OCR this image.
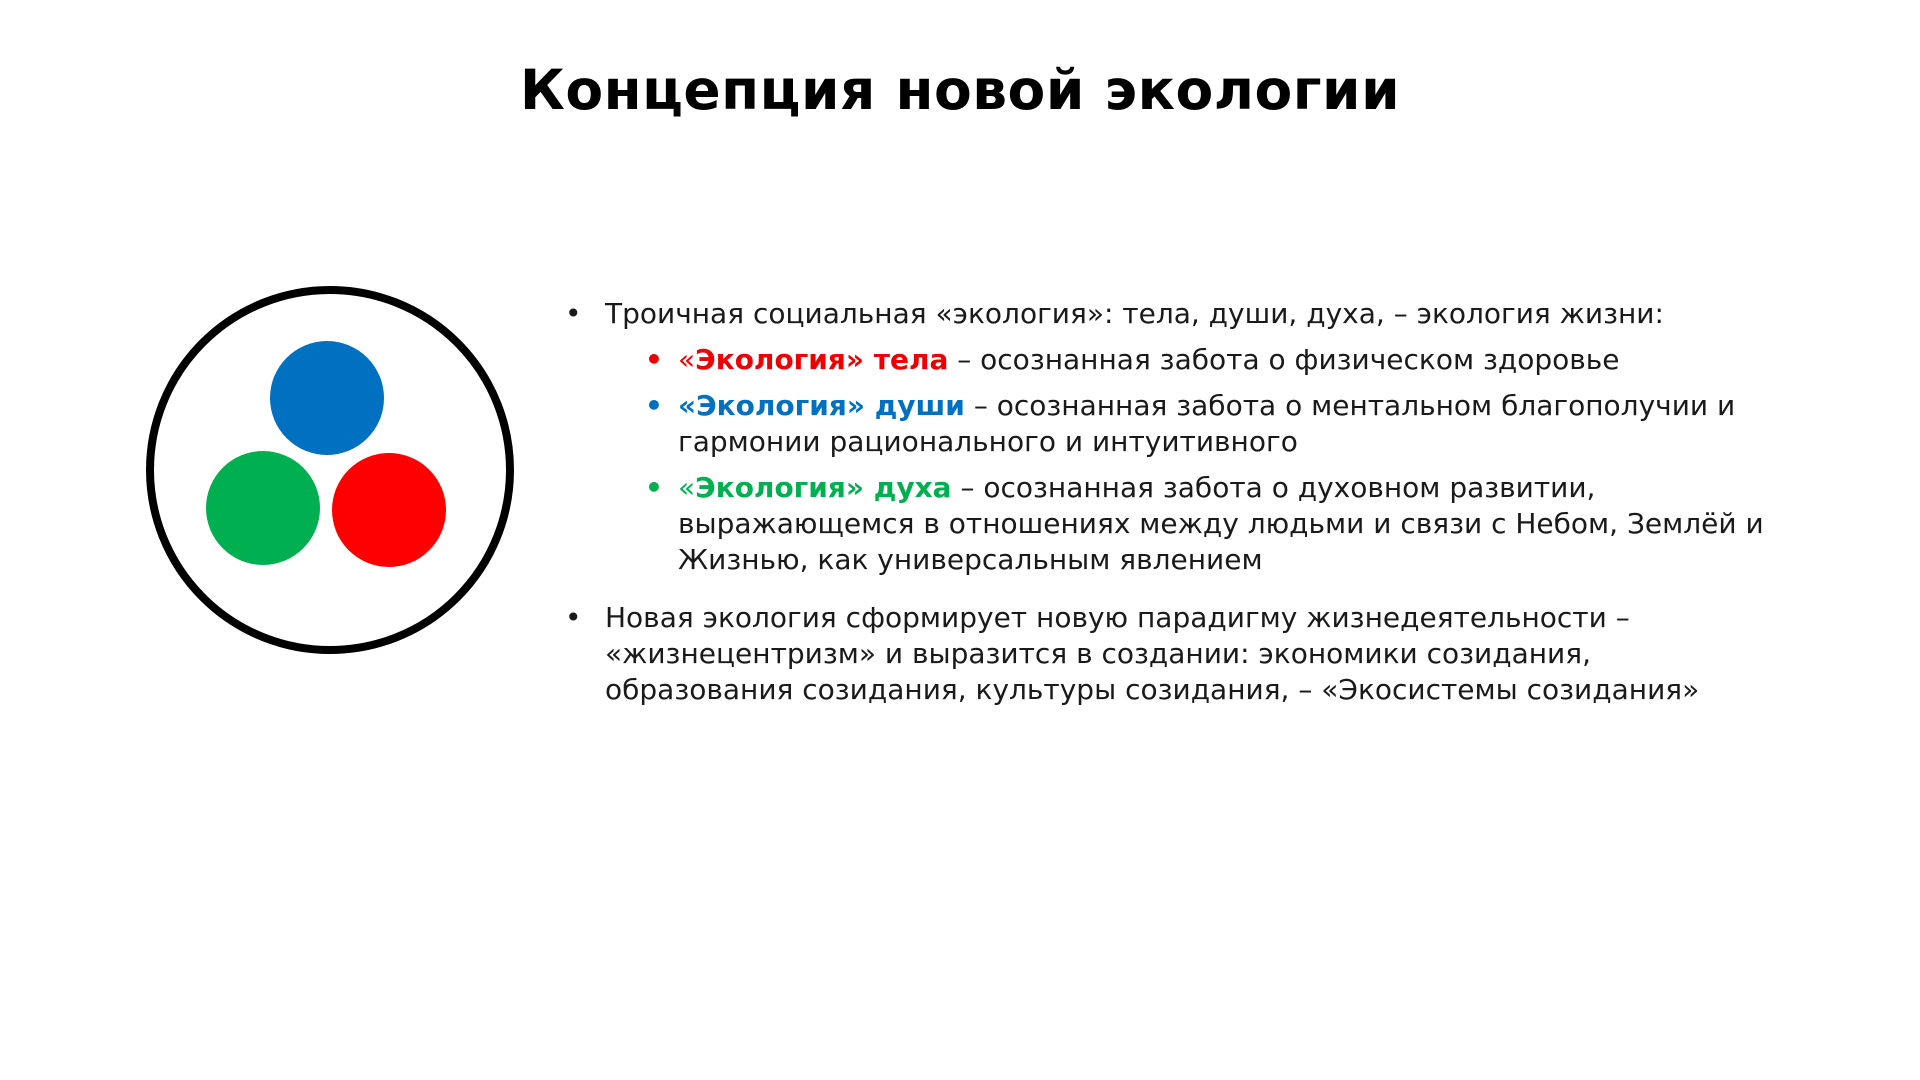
Концепция новой экологии
• Троичная социальная «экология»: тела, души, духа, – экология жизни:
• «Экология» тела – осознанная забота о физическом здоровье
• «Экология» души – осознанная забота о ментальном благополучии и гармонии рационального и интуитивного
• «Экология» духа – осознанная забота о духовном развитии, выражающемся в отношениях между людьми и связи с Небом, Землёй и Жизнью, как универсальным явлением
• Новая экология сформирует новую парадигму жизнедеятельности – «жизнецентризм» и выразится в создании: экономики созидания, образования созидания, культуры созидания, – «Экосистемы созидания»
